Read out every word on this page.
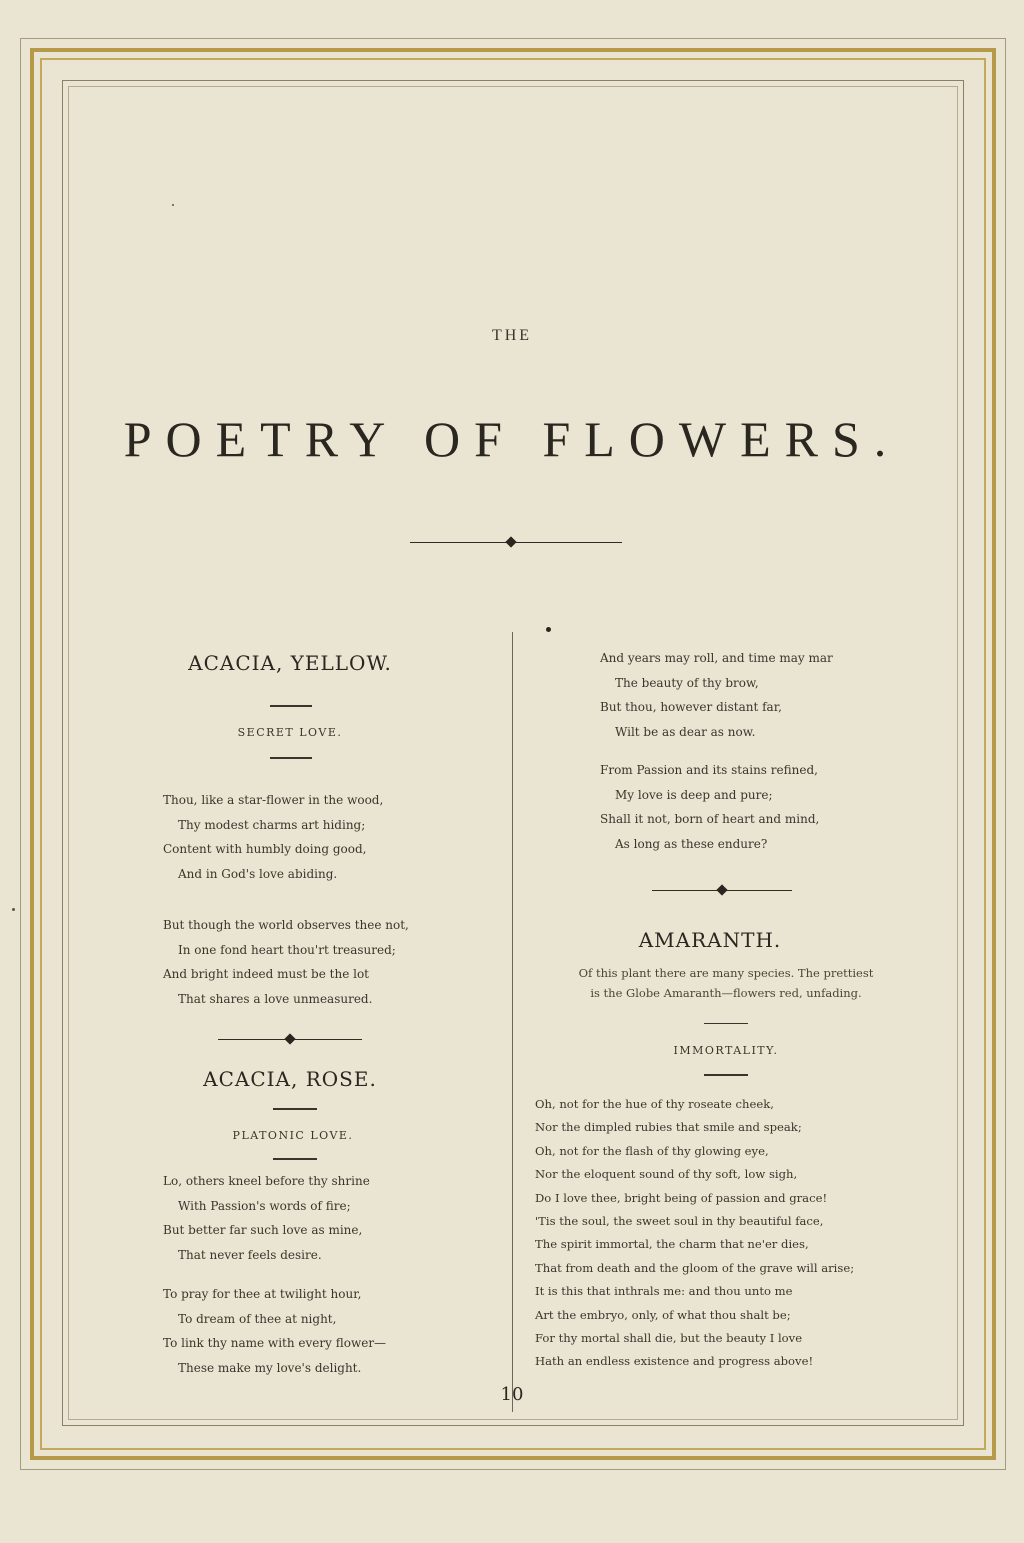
THE
POETRY OF FLOWERS.
ACACIA, YELLOW.
SECRET LOVE.
Thou, like a star-flower in the wood,
Thy modest charms art hiding;
Content with humbly doing good,
And in God's love abiding.
But though the world observes thee not,
In one fond heart thou'rt treasured;
And bright indeed must be the lot
That shares a love unmeasured.
ACACIA, ROSE.
PLATONIC LOVE.
Lo, others kneel before thy shrine
With Passion's words of fire;
But better far such love as mine,
That never feels desire.
To pray for thee at twilight hour,
To dream of thee at night,
To link thy name with every flower—
These make my love's delight.
And years may roll, and time may mar
The beauty of thy brow,
But thou, however distant far,
Wilt be as dear as now.
From Passion and its stains refined,
My love is deep and pure;
Shall it not, born of heart and mind,
As long as these endure?
AMARANTH.
Of this plant there are many species. The prettiest
is the Globe Amaranth—flowers red, unfading.
IMMORTALITY.
Oh, not for the hue of thy roseate cheek,
Nor the dimpled rubies that smile and speak;
Oh, not for the flash of thy glowing eye,
Nor the eloquent sound of thy soft, low sigh,
Do I love thee, bright being of passion and grace!
'Tis the soul, the sweet soul in thy beautiful face,
The spirit immortal, the charm that ne'er dies,
That from death and the gloom of the grave will arise;
It is this that inthrals me: and thou unto me
Art the embryo, only, of what thou shalt be;
For thy mortal shall die, but the beauty I love
Hath an endless existence and progress above!
10
